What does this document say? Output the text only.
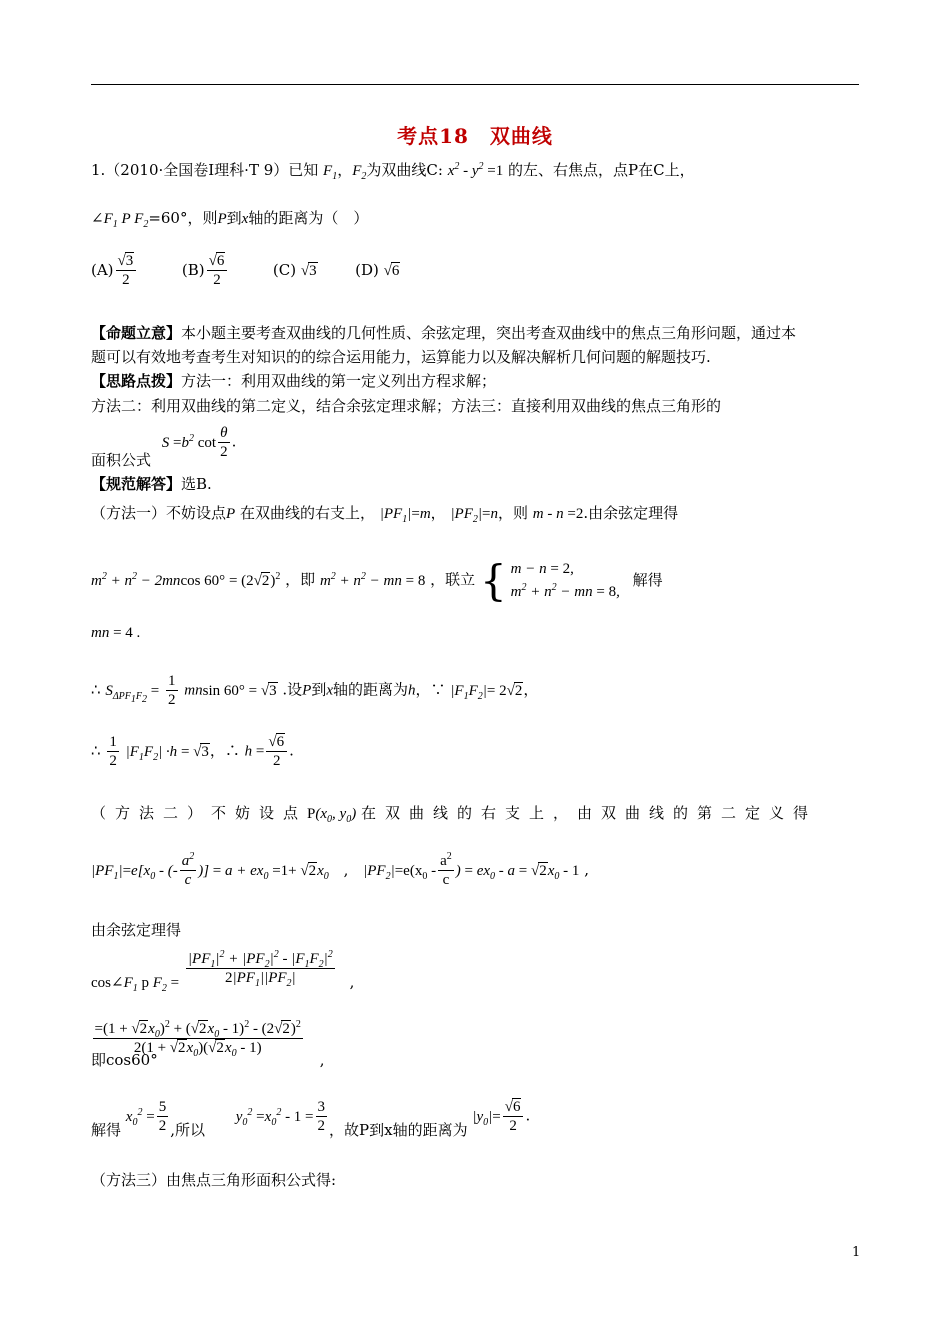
考点18　双曲线
1.（2010·全国卷Ⅰ理科·T 9）已知 $F_1$，$F_2$为双曲线C: $x^2 - y^2 =1$ 的左、右焦点，点P在C上，
$\angle F_1$ P $F_2=60^\circ$，则P到x轴的距离为（　）
$(A) \frac{√3}{2}$	$(B) \frac{√6}{2}$	(C) √3	(D) √6
【命题立意】本小题主要考查双曲线的几何性质、余弦定理，突出考查双曲线中的焦点三角形问题，通过本
题可以有效地考查考生对知识的的综合运用能力，运算能力以及解决解析几何问题的解题技巧.
【思路点拨】方法一：利用双曲线的第一定义列出方程求解；
方法二：利用双曲线的第二定义，结合余弦定理求解；方法三：直接利用双曲线的焦点三角形的
面积公式 $S =b^2$ $\cot \frac{\theta}{2}$ .
【规范解答】选B.
（方法一）不妨设点P 在双曲线的右支上， $|PF_1|=m$， $|PF_2|=n$，则 m - n =2.由余弦定理得
$m^2 + n^2 - 2mncos$ $60^\circ = (2√2)^2$ ，即 $m^2 + n^2$ − mn = 8 ，联立 { m − n = 2,
$m^2 + n^2$ − mn = 8,
解得
mn = 4 .
∴ $S_{\Delta PF_1F_2} = \frac{1}{2}$ mnsin 60° = √3 .设P到x轴的距离为h，∵ $|F_1F_2|= 2√2$，
∴ $\frac{1}{2} |F_1F_2| \cdot h = √3$，∴ $h = \frac{√6}{2}$ .
（方法二）不妨设点$P(x_0$, $y_0$) 在双曲线的右支上，由双曲线的第二定义得
$|PF_1|=e[x_0$ - (- $\frac{a^2}{c}$ )] = $a + ex_0 =1+ √2x_0$ , $|PF_2|=e(x_0 - \frac{a^2}{c}$ ) = $ex_0 - a = √2x_0 - 1$ ,
由余弦定理得
$\cos\angle F_1$ p $F_2 = \frac{|PF_1|^2 + |PF_2|^2 - |F_1F_2|^2}{2|PF_1||PF_2|}$ ,
即cos60°
$\frac{=(1 + √2x_0)^2 + (√2x_0 - 1)^2 - (2√2)^2}{2(1 + √2x_0)(√2x_0 - 1)}$
,
解得 $x_0^2 = \frac{5}{2}$ ,所以 $y_0^2 =x_0^2 - 1 = \frac{3}{2}$ ，故P到x轴的距离为 $|y_0|= \frac{√6}{2}$ .
（方法三）由焦点三角形面积公式得:
1
